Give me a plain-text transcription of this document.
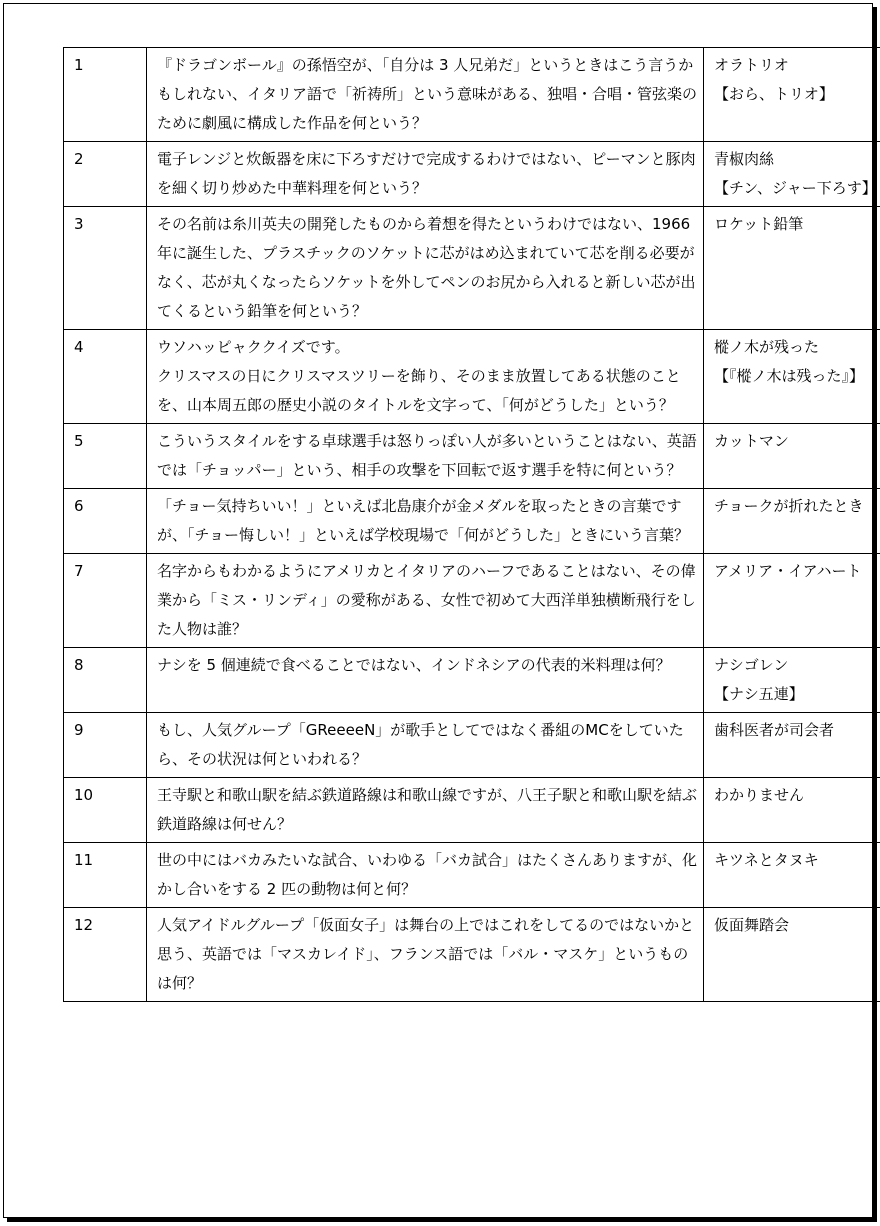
1	『ドラゴンボール』の孫悟空が、「自分は 3 人兄弟だ」というときはこう言うかもしれない、イタリア語で「祈祷所」という意味がある、独唱・合唱・管弦楽のために劇風に構成した作品を何という？	オラトリオ
【おら、トリオ】
2	電子レンジと炊飯器を床に下ろすだけで完成するわけではない、ピーマンと豚肉を細く切り炒めた中華料理を何という？	青椒肉絲
【チン、ジャー下ろす】
3	その名前は糸川英夫の開発したものから着想を得たというわけではない、1966 年に誕生した、プラスチックのソケットに芯がはめ込まれていて芯を削る必要がなく、芯が丸くなったらソケットを外してペンのお尻から入れると新しい芯が出てくるという鉛筆を何という？	ロケット鉛筆
4	ウソハッピャククイズです。
クリスマスの日にクリスマスツリーを飾り、そのまま放置してある状態のことを、山本周五郎の歴史小説のタイトルを文字って、「何がどうした」という？	樅ノ木が残った
【『樅ノ木は残った』】
5	こういうスタイルをする卓球選手は怒りっぽい人が多いということはない、英語では「チョッパー」という、相手の攻撃を下回転で返す選手を特に何という？	カットマン
6	「チョー気持ちいい！」といえば北島康介が金メダルを取ったときの言葉ですが、「チョー悔しい！」といえば学校現場で「何がどうした」ときにいう言葉？	チョークが折れたとき
7	名字からもわかるようにアメリカとイタリアのハーフであることはない、その偉業から「ミス・リンディ」の愛称がある、女性で初めて大西洋単独横断飛行をした人物は誰？	アメリア・イアハート
8	ナシを 5 個連続で食べることではない、インドネシアの代表的米料理は何？	ナシゴレン
【ナシ五連】
9	もし、人気グループ「GReeeeN」が歌手としてではなく番組のMCをしていたら、その状況は何といわれる？	歯科医者が司会者
10	王寺駅と和歌山駅を結ぶ鉄道路線は和歌山線ですが、八王子駅と和歌山駅を結ぶ鉄道路線は何せん？	わかりません
11	世の中にはバカみたいな試合、いわゆる「バカ試合」はたくさんありますが、化かし合いをする 2 匹の動物は何と何？	キツネとタヌキ
12	人気アイドルグループ「仮面女子」は舞台の上ではこれをしてるのではないかと思う、英語では「マスカレイド」、フランス語では「バル・マスケ」というものは何？	仮面舞踏会
